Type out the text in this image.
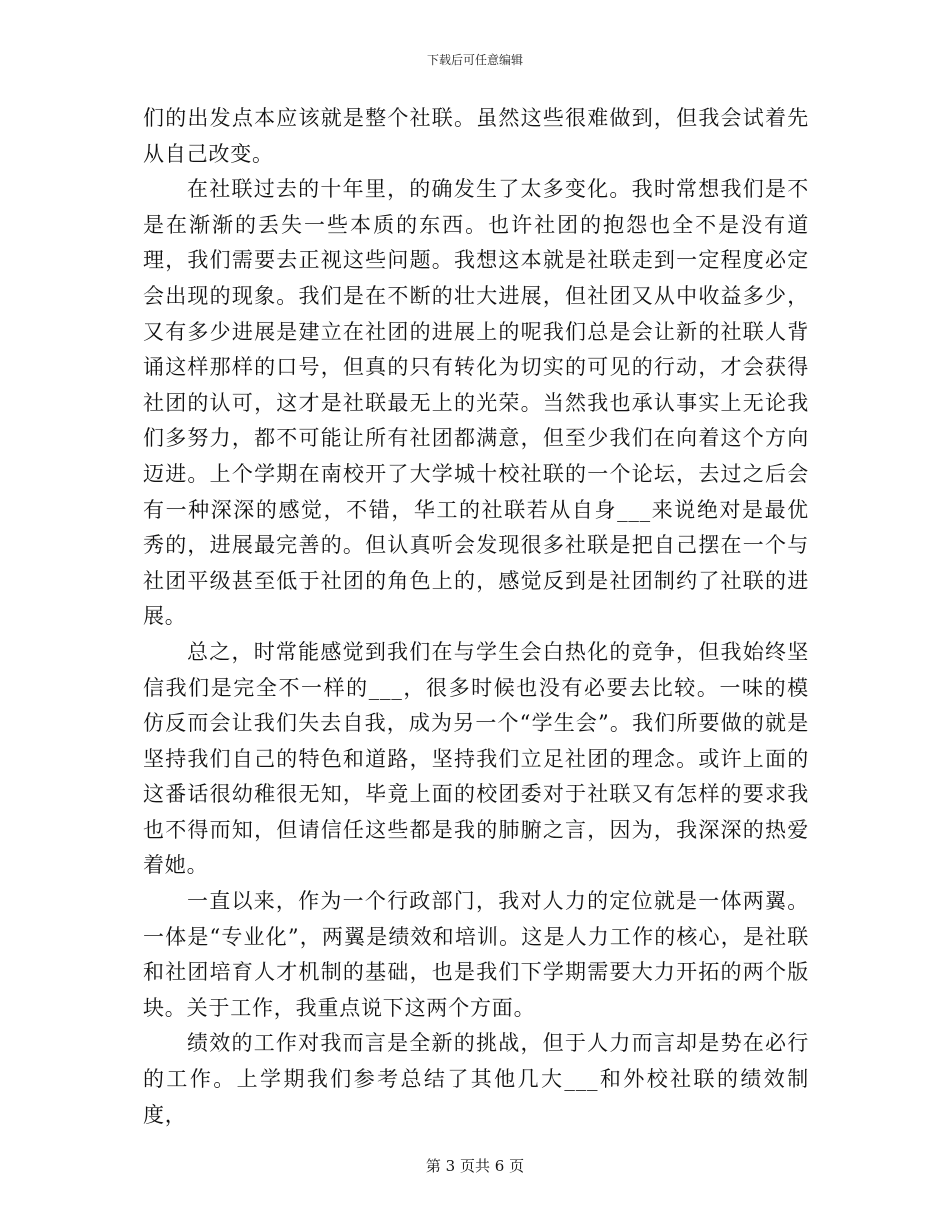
下载后可任意编辑

们的出发点本应该就是整个社联。虽然这些很难做到，但我会试着先从自己改变。

在社联过去的十年里，的确发生了太多变化。我时常想我们是不是在渐渐的丢失一些本质的东西。也许社团的抱怨也全不是没有道理，我们需要去正视这些问题。我想这本就是社联走到一定程度必定会出现的现象。我们是在不断的壮大进展，但社团又从中收益多少，又有多少进展是建立在社团的进展上的呢我们总是会让新的社联人背诵这样那样的口号，但真的只有转化为切实的可见的行动，才会获得社团的认可，这才是社联最无上的光荣。当然我也承认事实上无论我们多努力，都不可能让所有社团都满意，但至少我们在向着这个方向迈进。上个学期在南校开了大学城十校社联的一个论坛，去过之后会有一种深深的感觉，不错，华工的社联若从自身___来说绝对是最优秀的，进展最完善的。但认真听会发现很多社联是把自己摆在一个与社团平级甚至低于社团的角色上的，感觉反到是社团制约了社联的进展。

总之，时常能感觉到我们在与学生会白热化的竞争，但我始终坚信我们是完全不一样的___，很多时候也没有必要去比较。一味的模仿反而会让我们失去自我，成为另一个“学生会”。我们所要做的就是坚持我们自己的特色和道路，坚持我们立足社团的理念。或许上面的这番话很幼稚很无知，毕竟上面的校团委对于社联又有怎样的要求我也不得而知，但请信任这些都是我的肺腑之言，因为，我深深的热爱着她。

一直以来，作为一个行政部门，我对人力的定位就是一体两翼。一体是“专业化”，两翼是绩效和培训。这是人力工作的核心，是社联和社团培育人才机制的基础，也是我们下学期需要大力开拓的两个版块。关于工作，我重点说下这两个方面。

绩效的工作对我而言是全新的挑战，但于人力而言却是势在必行的工作。上学期我们参考总结了其他几大___和外校社联的绩效制度，

第 3 页共 6 页
